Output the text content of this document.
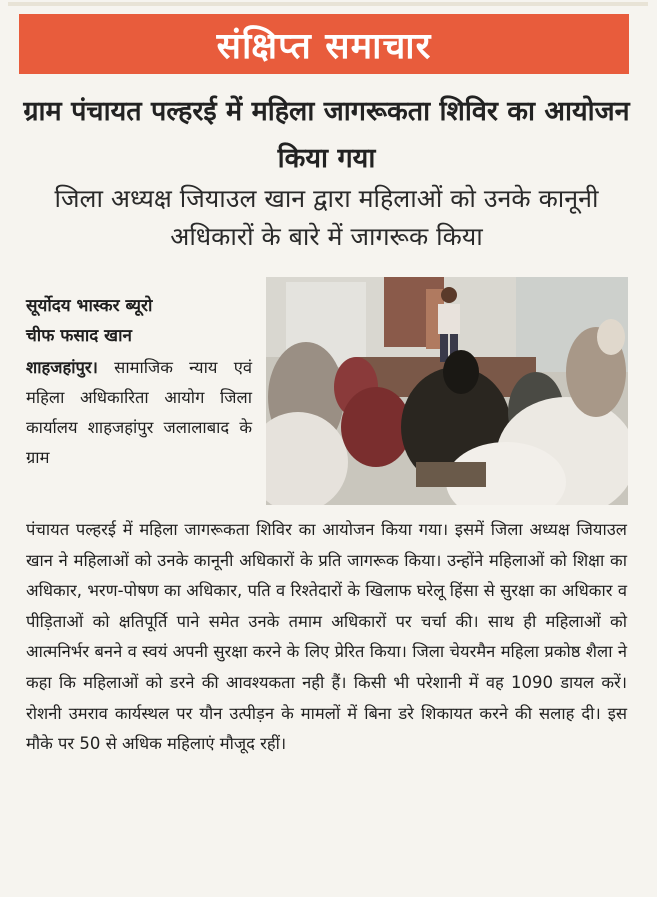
संक्षिप्त समाचार
ग्राम पंचायत पल्हरई में महिला जागरूकता शिविर का आयोजन किया गया
जिला अध्यक्ष जियाउल खान द्वारा महिलाओं को उनके कानूनी अधिकारों के बारे में जागरूक किया

सूर्योदय भास्कर ब्यूरो

चीफ फसाद खान

शाहजहांपुर। सामाजिक न्याय एवं महिला अधिकारिता आयोग जिला कार्यालय शाहजहांपुर जलालाबाद के ग्राम
पंचायत पल्हरई में महिला जागरूकता शिविर का आयोजन किया गया। इसमें जिला अध्यक्ष जियाउल खान ने महिलाओं को उनके कानूनी अधिकारों के प्रति जागरूक किया। उन्होंने महिलाओं को शिक्षा का अधिकार, भरण-पोषण का अधिकार, पति व रिश्तेदारों के खिलाफ घरेलू हिंसा से सुरक्षा का अधिकार व पीड़िताओं को क्षतिपूर्ति पाने समेत उनके तमाम अधिकारों पर चर्चा की। साथ ही महिलाओं को आत्मनिर्भर बनने व स्वयं अपनी सुरक्षा करने के लिए प्रेरित किया। जिला चेयरमैन महिला प्रकोष्ठ शैला ने कहा कि महिलाओं को डरने की आवश्यकता नही हैं। किसी भी परेशानी में वह 1090 डायल करें। रोशनी उमराव कार्यस्थल पर यौन उत्पीड़न के मामलों में बिना डरे शिकायत करने की सलाह दी। इस मौके पर 50 से अधिक महिलाएं मौजूद रहीं।
